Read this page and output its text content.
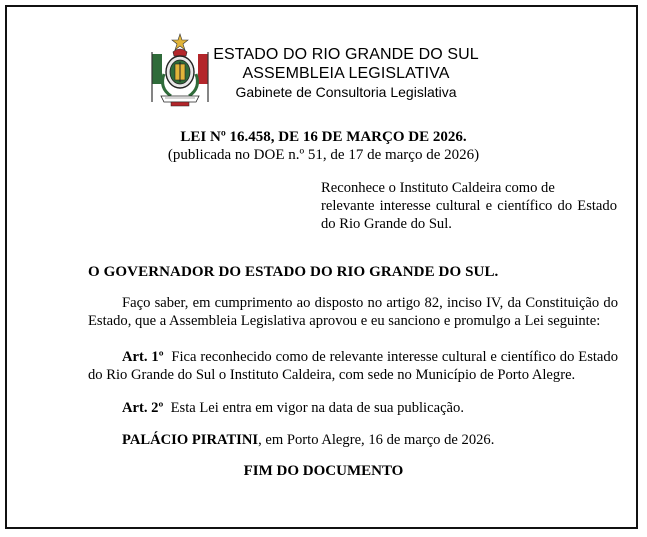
ESTADO DO RIO GRANDE DO SUL
ASSEMBLEIA LEGISLATIVA
Gabinete de Consultoria Legislativa
LEI Nº 16.458, DE 16 DE MARÇO DE 2026.
(publicada no DOE n.º 51, de 17 de março de 2026)
Reconhece o Instituto Caldeira como de
relevante interesse cultural e científico do Estado do Rio Grande do Sul.
O GOVERNADOR DO ESTADO DO RIO GRANDE DO SUL.
Faço saber, em cumprimento ao disposto no artigo 82, inciso IV, da Constituição do Estado, que a Assembleia Legislativa aprovou e eu sanciono e promulgo a Lei seguinte:
Art. 1º Fica reconhecido como de relevante interesse cultural e científico do Estado do Rio Grande do Sul o Instituto Caldeira, com sede no Município de Porto Alegre.
Art. 2º Esta Lei entra em vigor na data de sua publicação.
PALÁCIO PIRATINI, em Porto Alegre, 16 de março de 2026.
FIM DO DOCUMENTO
